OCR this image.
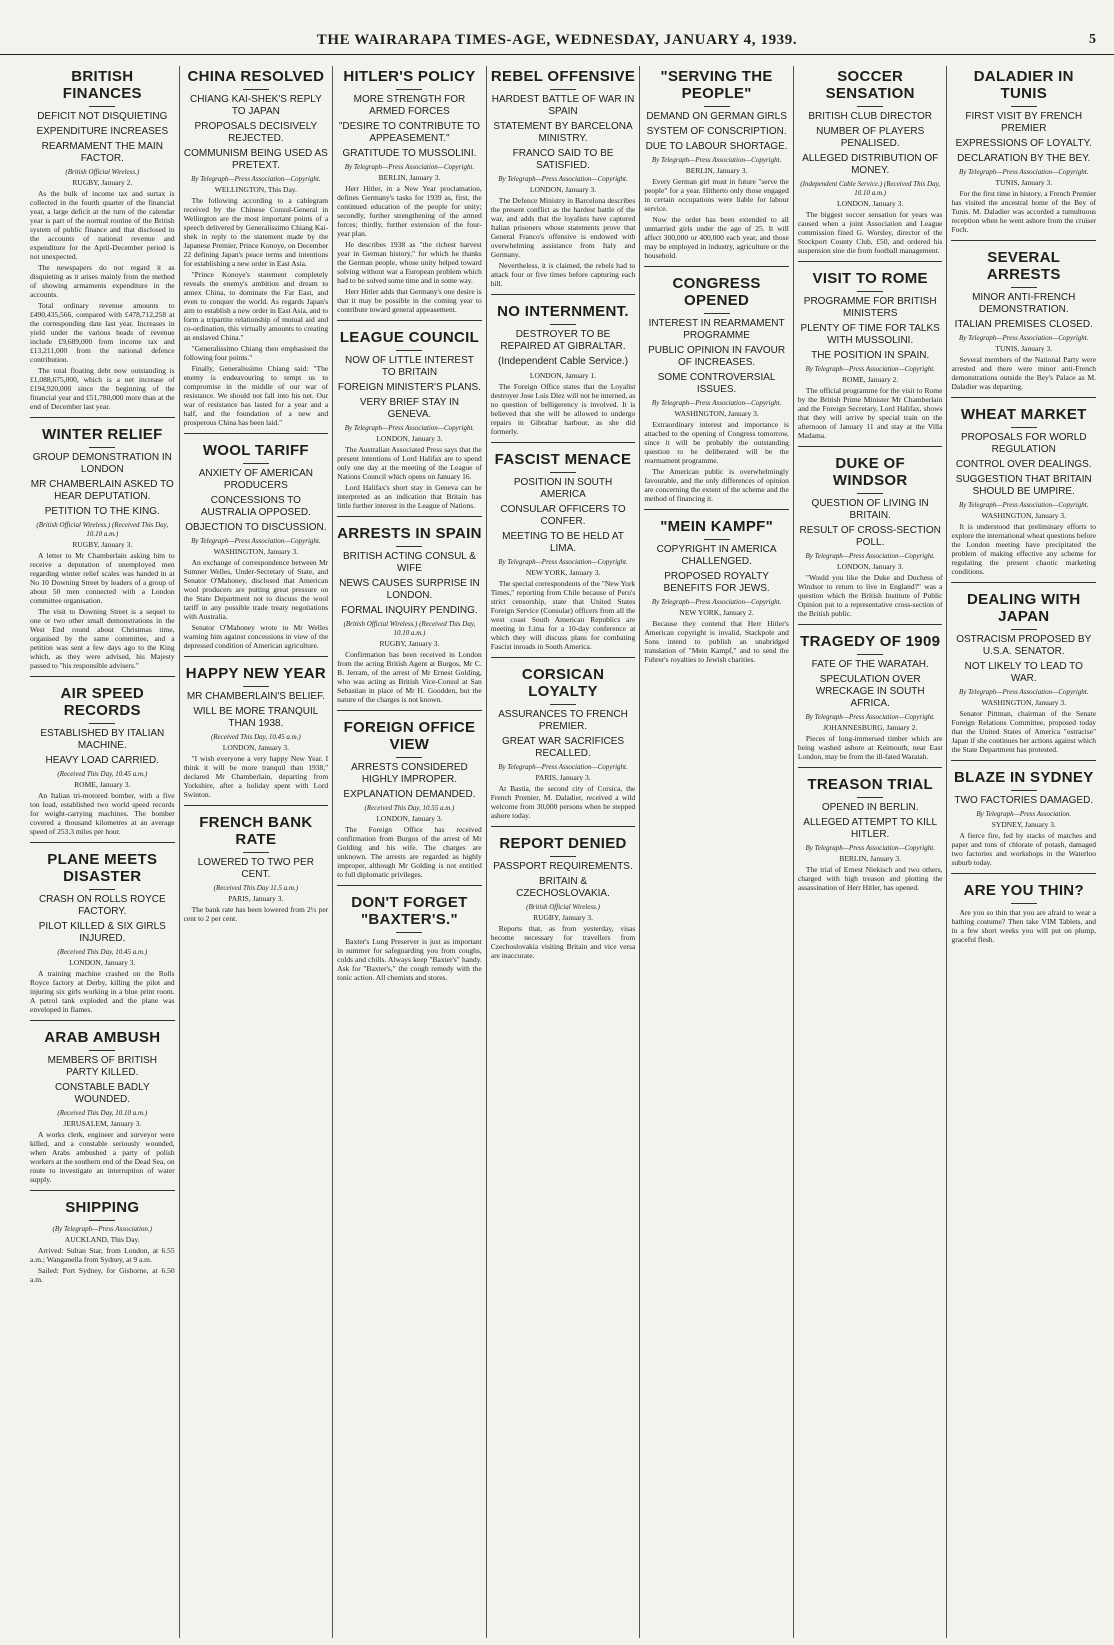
THE WAIRARAPA TIMES-AGE, WEDNESDAY, JANUARY 4, 1939.	5
BRITISH FINANCES
DEFICIT NOT DISQUIETING
EXPENDITURE INCREASES
REARMAMENT THE MAIN FACTOR.
(British Official Wireless.)
RUGBY, January 2.

As the bulk of income tax and surtax is collected in the fourth quarter of the financial year, a large deficit at the turn of the calendar year is part of the normal routine of the British system of public finance and that disclosed in the accounts of national revenue and expenditure for the April-December period is not unexpected.

The newspapers do not regard it as disquieting as it arises mainly from the method of showing armaments expenditure in the accounts.

Total ordinary revenue amounts to £490,435,566, compared with £478,712,258 at the corresponding date last year. Increases in yield under the various heads of revenue include £9,689,000 from income tax and £13,211,000 from the national defence contribution.

The total floating debt now outstanding is £1,088,675,000, which is a net increase of £194,920,000 since the beginning of the financial year and £51,780,000 more than at the end of December last year.

WINTER RELIEF
GROUP DEMONSTRATION IN LONDON
MR CHAMBERLAIN ASKED TO HEAR DEPUTATION.
PETITION TO THE KING.
(British Official Wireless.) (Received This Day, 10.10 a.m.)
RUGBY, January 3.

A letter to Mr Chamberlain asking him to receive a deputation of unemployed men regarding winter relief scales was handed in at No 10 Downing Street by leaders of a group of about 50 men connected with a London committee organisation.

The visit to Downing Street is a sequel to one or two other small demonstrations in the West End round about Christmas time, organised by the same committee, and a petition was sent a few days ago to the King which, as they were advised, his Majesty passed to "his responsible advisers."

AIR SPEED RECORDS
ESTABLISHED BY ITALIAN MACHINE.
HEAVY LOAD CARRIED.
(Received This Day, 10.45 a.m.)
ROME, January 3.

An Italian tri-motored bomber, with a five ton load, established two world speed records for weight-carrying machines. The bomber covered a thousand kilometres at an average speed of 253.3 miles per hour.

PLANE MEETS DISASTER
CRASH ON ROLLS ROYCE FACTORY.
PILOT KILLED & SIX GIRLS INJURED.
(Received This Day, 10.45 a.m.)
LONDON, January 3.

A training machine crashed on the Rolls Royce factory at Derby, killing the pilot and injuring six girls working in a blue print room. A petrol tank exploded and the plane was enveloped in flames.

ARAB AMBUSH
MEMBERS OF BRITISH PARTY KILLED.
CONSTABLE BADLY WOUNDED.
(Received This Day, 10.10 a.m.)
JERUSALEM, January 3.

A works clerk, engineer and surveyor were killed, and a constable seriously wounded, when Arabs ambushed a party of polish workers at the southern end of the Dead Sea, on route to investigate an interruption of water supply.

SHIPPING
(By Telegraph—Press Association.)
AUCKLAND, This Day.

Arrived: Sultan Star, from London, at 6.55 a.m.; Wanganella from Sydney, at 9 a.m.

Sailed: Port Sydney, for Gisborne, at 6.50 a.m.

CHINA RESOLVED
CHIANG KAI-SHEK'S REPLY TO JAPAN
PROPOSALS DECISIVELY REJECTED.
COMMUNISM BEING USED AS PRETEXT.
By Telegraph—Press Association—Copyright.
WELLINGTON, This Day.

The following according to a cablegram received by the Chinese Consul-General in Wellington are the most important points of a speech delivered by Generalissimo Chiang Kai-shek in reply to the statement made by the Japanese Premier, Prince Konoye, on December 22 defining Japan's peace terms and intentions for establishing a new order in East Asia.

"Prince Konoye's statement completely reveals the enemy's ambition and dream to annex China, to dominate the Far East, and even to conquer the world. As regards Japan's aim to establish a new order in East Asia, and to form a tripartite relationship of mutual aid and co-ordination, this virtually amounts to creating an enslaved China."

"Generalissimo Chiang then emphasised the following four points."

Finally, Generalissimo Chiang said: "The enemy is endeavouring to tempt us to compromise in the middle of our war of resistance. We should not fall into his net. Our war of resistance has lasted for a year and a half, and the foundation of a new and prosperous China has been laid."

WOOL TARIFF
ANXIETY OF AMERICAN PRODUCERS
CONCESSIONS TO AUSTRALIA OPPOSED.
OBJECTION TO DISCUSSION.
By Telegraph—Press Association—Copyright.
WASHINGTON, January 3.

An exchange of correspondence between Mr Sumner Welles, Under-Secretary of State, and Senator O'Mahoney, disclosed that American wool producers are putting great pressure on the State Department not to discuss the wool tariff in any possible trade treaty negotiations with Australia.

Senator O'Mahoney wrote to Mr Welles warning him against concessions in view of the depressed condition of American agriculture.

HAPPY NEW YEAR
MR CHAMBERLAIN'S BELIEF.
WILL BE MORE TRANQUIL THAN 1938.
(Received This Day, 10.45 a.m.)
LONDON, January 3.

"I wish everyone a very happy New Year. I think it will be more tranquil than 1938," declared Mr Chamberlain, departing from Yorkshire, after a holiday spent with Lord Swinton.

FRENCH BANK RATE
LOWERED TO TWO PER CENT.
(Received This Day 11.5 a.m.)
PARIS, January 3.

The bank rate has been lowered from 2½ per cent to 2 per cent.

HITLER'S POLICY
MORE STRENGTH FOR ARMED FORCES
"DESIRE TO CONTRIBUTE TO APPEASEMENT."
GRATITUDE TO MUSSOLINI.
By Telegraph—Press Association—Copyright.
BERLIN, January 3.

Herr Hitler, in a New Year proclamation, defines Germany's tasks for 1939 as, first, the continued education of the people for unity; secondly, further strengthening of the armed forces; thirdly, further extension of the four-year plan.

He describes 1938 as "the richest harvest year in German history," for which he thanks the German people, whose unity helped toward solving without war a European problem which had to be solved some time and in some way.

Herr Hitler adds that Germany's one desire is that it may be possible in the coming year to contribute toward general appeasement.

LEAGUE COUNCIL
NOW OF LITTLE INTEREST TO BRITAIN
FOREIGN MINISTER'S PLANS.
VERY BRIEF STAY IN GENEVA.
By Telegraph—Press Association—Copyright.
LONDON, January 3.

The Australian Associated Press says that the present intentions of Lord Halifax are to spend only one day at the meeting of the League of Nations Council which opens on January 16.

Lord Halifax's short stay in Geneva can be interpreted as an indication that Britain has little further interest in the League of Nations.

ARRESTS IN SPAIN
BRITISH ACTING CONSUL & WIFE
NEWS CAUSES SURPRISE IN LONDON.
FORMAL INQUIRY PENDING.
(British Official Wireless.) (Received This Day, 10.10 a.m.)
RUGBY, January 3.

Confirmation has been received in London from the acting British Agent at Burgos, Mr C. B. Jerram, of the arrest of Mr Ernest Golding, who was acting as British Vice-Consul at San Sebastian in place of Mr H. Goodden, but the nature of the charges is not known.

FOREIGN OFFICE VIEW
ARRESTS CONSIDERED HIGHLY IMPROPER.
EXPLANATION DEMANDED.
(Received This Day, 10.55 a.m.)
LONDON, January 3.

The Foreign Office has received confirmation from Burgos of the arrest of Mr Golding and his wife. The charges are unknown. The arrests are regarded as highly improper, although Mr Golding is not entitled to full diplomatic privileges.

DON'T FORGET "BAXTER'S."

Baxter's Lung Preserver is just as important in summer for safeguarding you from coughs, colds and chills. Always keep "Baxter's" handy. Ask for "Baxter's," the cough remedy with the tonic action. All chemists and stores.

REBEL OFFENSIVE
HARDEST BATTLE OF WAR IN SPAIN
STATEMENT BY BARCELONA MINISTRY.
FRANCO SAID TO BE SATISFIED.
By Telegraph—Press Association—Copyright.
LONDON, January 3.

The Defence Ministry in Barcelona describes the present conflict as the hardest battle of the war, and adds that the loyalists have captured Italian prisoners whose statements prove that General Franco's offensive is endowed with overwhelming assistance from Italy and Germany.

Nevertheless, it is claimed, the rebels had to attack four or five times before capturing each hill.

NO INTERNMENT.
DESTROYER TO BE REPAIRED AT GIBRALTAR.
(Independent Cable Service.)
LONDON, January 1.

The Foreign Office states that the Loyalist destroyer Jose Luis Diez will not be interned, as no question of belligerency is involved. It is believed that she will be allowed to undergo repairs in Gibraltar harbour, as she did formerly.

FASCIST MENACE
POSITION IN SOUTH AMERICA
CONSULAR OFFICERS TO CONFER.
MEETING TO BE HELD AT LIMA.
By Telegraph—Press Association—Copyright.
NEW YORK, January 3.

The special correspondents of the "New York Times," reporting from Chile because of Peru's strict censorship, state that United States Foreign Service (Consular) officers from all the west coast South American Republics are meeting in Lima for a 10-day conference at which they will discuss plans for combating Fascist inroads in South America.

CORSICAN LOYALTY
ASSURANCES TO FRENCH PREMIER.
GREAT WAR SACRIFICES RECALLED.
By Telegraph—Press Association—Copyright.
PARIS, January 3.

At Bastia, the second city of Corsica, the French Premier, M. Daladier, received a wild welcome from 30,000 persons when he stepped ashore today.

REPORT DENIED
PASSPORT REQUIREMENTS.
BRITAIN & CZECHOSLOVAKIA.
(British Official Wireless.)
RUGBY, January 3.

Reports that, as from yesterday, visas become necessary for travellers from Czechoslovakia visiting Britain and vice versa are inaccurate.

"SERVING THE PEOPLE"
DEMAND ON GERMAN GIRLS
SYSTEM OF CONSCRIPTION.
DUE TO LABOUR SHORTAGE.
By Telegraph—Press Association—Copyright.
BERLIN, January 3.

Every German girl must in future "serve the people" for a year. Hitherto only those engaged in certain occupations were liable for labour service.

Now the order has been extended to all unmarried girls under the age of 25. It will affect 300,000 or 400,000 each year, and those may be employed in industry, agriculture or the household.

CONGRESS OPENED
INTEREST IN REARMAMENT PROGRAMME
PUBLIC OPINION IN FAVOUR OF INCREASES.
SOME CONTROVERSIAL ISSUES.
By Telegraph—Press Association—Copyright.
WASHINGTON, January 3.

Extraordinary interest and importance is attached to the opening of Congress tomorrow, since it will be probably the outstanding question to be deliberated will be the rearmament programme.

The American public is overwhelmingly favourable, and the only differences of opinion are concerning the extent of the scheme and the method of financing it.

"MEIN KAMPF"
COPYRIGHT IN AMERICA CHALLENGED.
PROPOSED ROYALTY BENEFITS FOR JEWS.
By Telegraph—Press Association—Copyright.
NEW YORK, January 2.

Because they contend that Herr Hitler's American copyright is invalid, Stackpole and Sons intend to publish an unabridged translation of "Mein Kampf," and to send the Fuhrer's royalties to Jewish charities.

SOCCER SENSATION
BRITISH CLUB DIRECTOR
NUMBER OF PLAYERS PENALISED.
ALLEGED DISTRIBUTION OF MONEY.
(Independent Cable Service.) (Received This Day, 10.10 a.m.)
LONDON, January 3.

The biggest soccer sensation for years was caused when a joint Association and League commission fined G. Worsley, director of the Stockport County Club, £50, and ordered his suspension sine die from football management.

VISIT TO ROME
PROGRAMME FOR BRITISH MINISTERS
PLENTY OF TIME FOR TALKS WITH MUSSOLINI.
THE POSITION IN SPAIN.
By Telegraph—Press Association—Copyright.
ROME, January 2.

The official programme for the visit to Rome by the British Prime Minister Mr Chamberlain and the Foreign Secretary, Lord Halifax, shows that they will arrive by special train on the afternoon of January 11 and stay at the Villa Madama.

DUKE OF WINDSOR
QUESTION OF LIVING IN BRITAIN.
RESULT OF CROSS-SECTION POLL.
By Telegraph—Press Association—Copyright.
LONDON, January 3.

"Would you like the Duke and Duchess of Windsor to return to live in England?" was a question which the British Institute of Public Opinion put to a representative cross-section of the British public.

TRAGEDY OF 1909
FATE OF THE WARATAH.
SPECULATION OVER WRECKAGE IN SOUTH AFRICA.
By Telegraph—Press Association—Copyright.
JOHANNESBURG, January 2.

Pieces of long-immersed timber which are being washed ashore at Keimouth, near East London, may be from the ill-fated Waratah.

TREASON TRIAL
OPENED IN BERLIN.
ALLEGED ATTEMPT TO KILL HITLER.
By Telegraph—Press Association—Copyright.
BERLIN, January 3.

The trial of Ernest Niekisch and two others, charged with high treason and plotting the assassination of Herr Hitler, has opened.

DALADIER IN TUNIS
FIRST VISIT BY FRENCH PREMIER
EXPRESSIONS OF LOYALTY.
DECLARATION BY THE BEY.
By Telegraph—Press Association—Copyright.
TUNIS, January 3.

For the first time in history, a French Premier has visited the ancestral home of the Bey of Tunis. M. Daladier was accorded a tumultuous reception when he went ashore from the cruiser Foch.

SEVERAL ARRESTS
MINOR ANTI-FRENCH DEMONSTRATION.
ITALIAN PREMISES CLOSED.
By Telegraph—Press Association—Copyright.
TUNIS, January 3.

Several members of the National Party were arrested and there were minor anti-French demonstrations outside the Bey's Palace as M. Daladier was departing.

WHEAT MARKET
PROPOSALS FOR WORLD REGULATION
CONTROL OVER DEALINGS.
SUGGESTION THAT BRITAIN SHOULD BE UMPIRE.
By Telegraph—Press Association—Copyright.
WASHINGTON, January 3.

It is understood that preliminary efforts to explore the international wheat questions before the London meeting have precipitated the problem of making effective any scheme for regulating the present chaotic marketing conditions.

DEALING WITH JAPAN
OSTRACISM PROPOSED BY U.S.A. SENATOR.
NOT LIKELY TO LEAD TO WAR.
By Telegraph—Press Association—Copyright.
WASHINGTON, January 3.

Senator Pittman, chairman of the Senate Foreign Relations Committee, proposed today that the United States of America "ostracise" Japan if she continues her actions against which the State Department has protested.

BLAZE IN SYDNEY
TWO FACTORIES DAMAGED.
By Telegraph—Press Association.
SYDNEY, January 3.

A fierce fire, fed by stacks of matches and paper and tons of chlorate of potash, damaged two factories and workshops in the Waterloo suburb today.

ARE YOU THIN?

Are you so thin that you are afraid to wear a bathing costume? Then take VIM Tablets, and in a few short weeks you will put on plump, graceful flesh.
